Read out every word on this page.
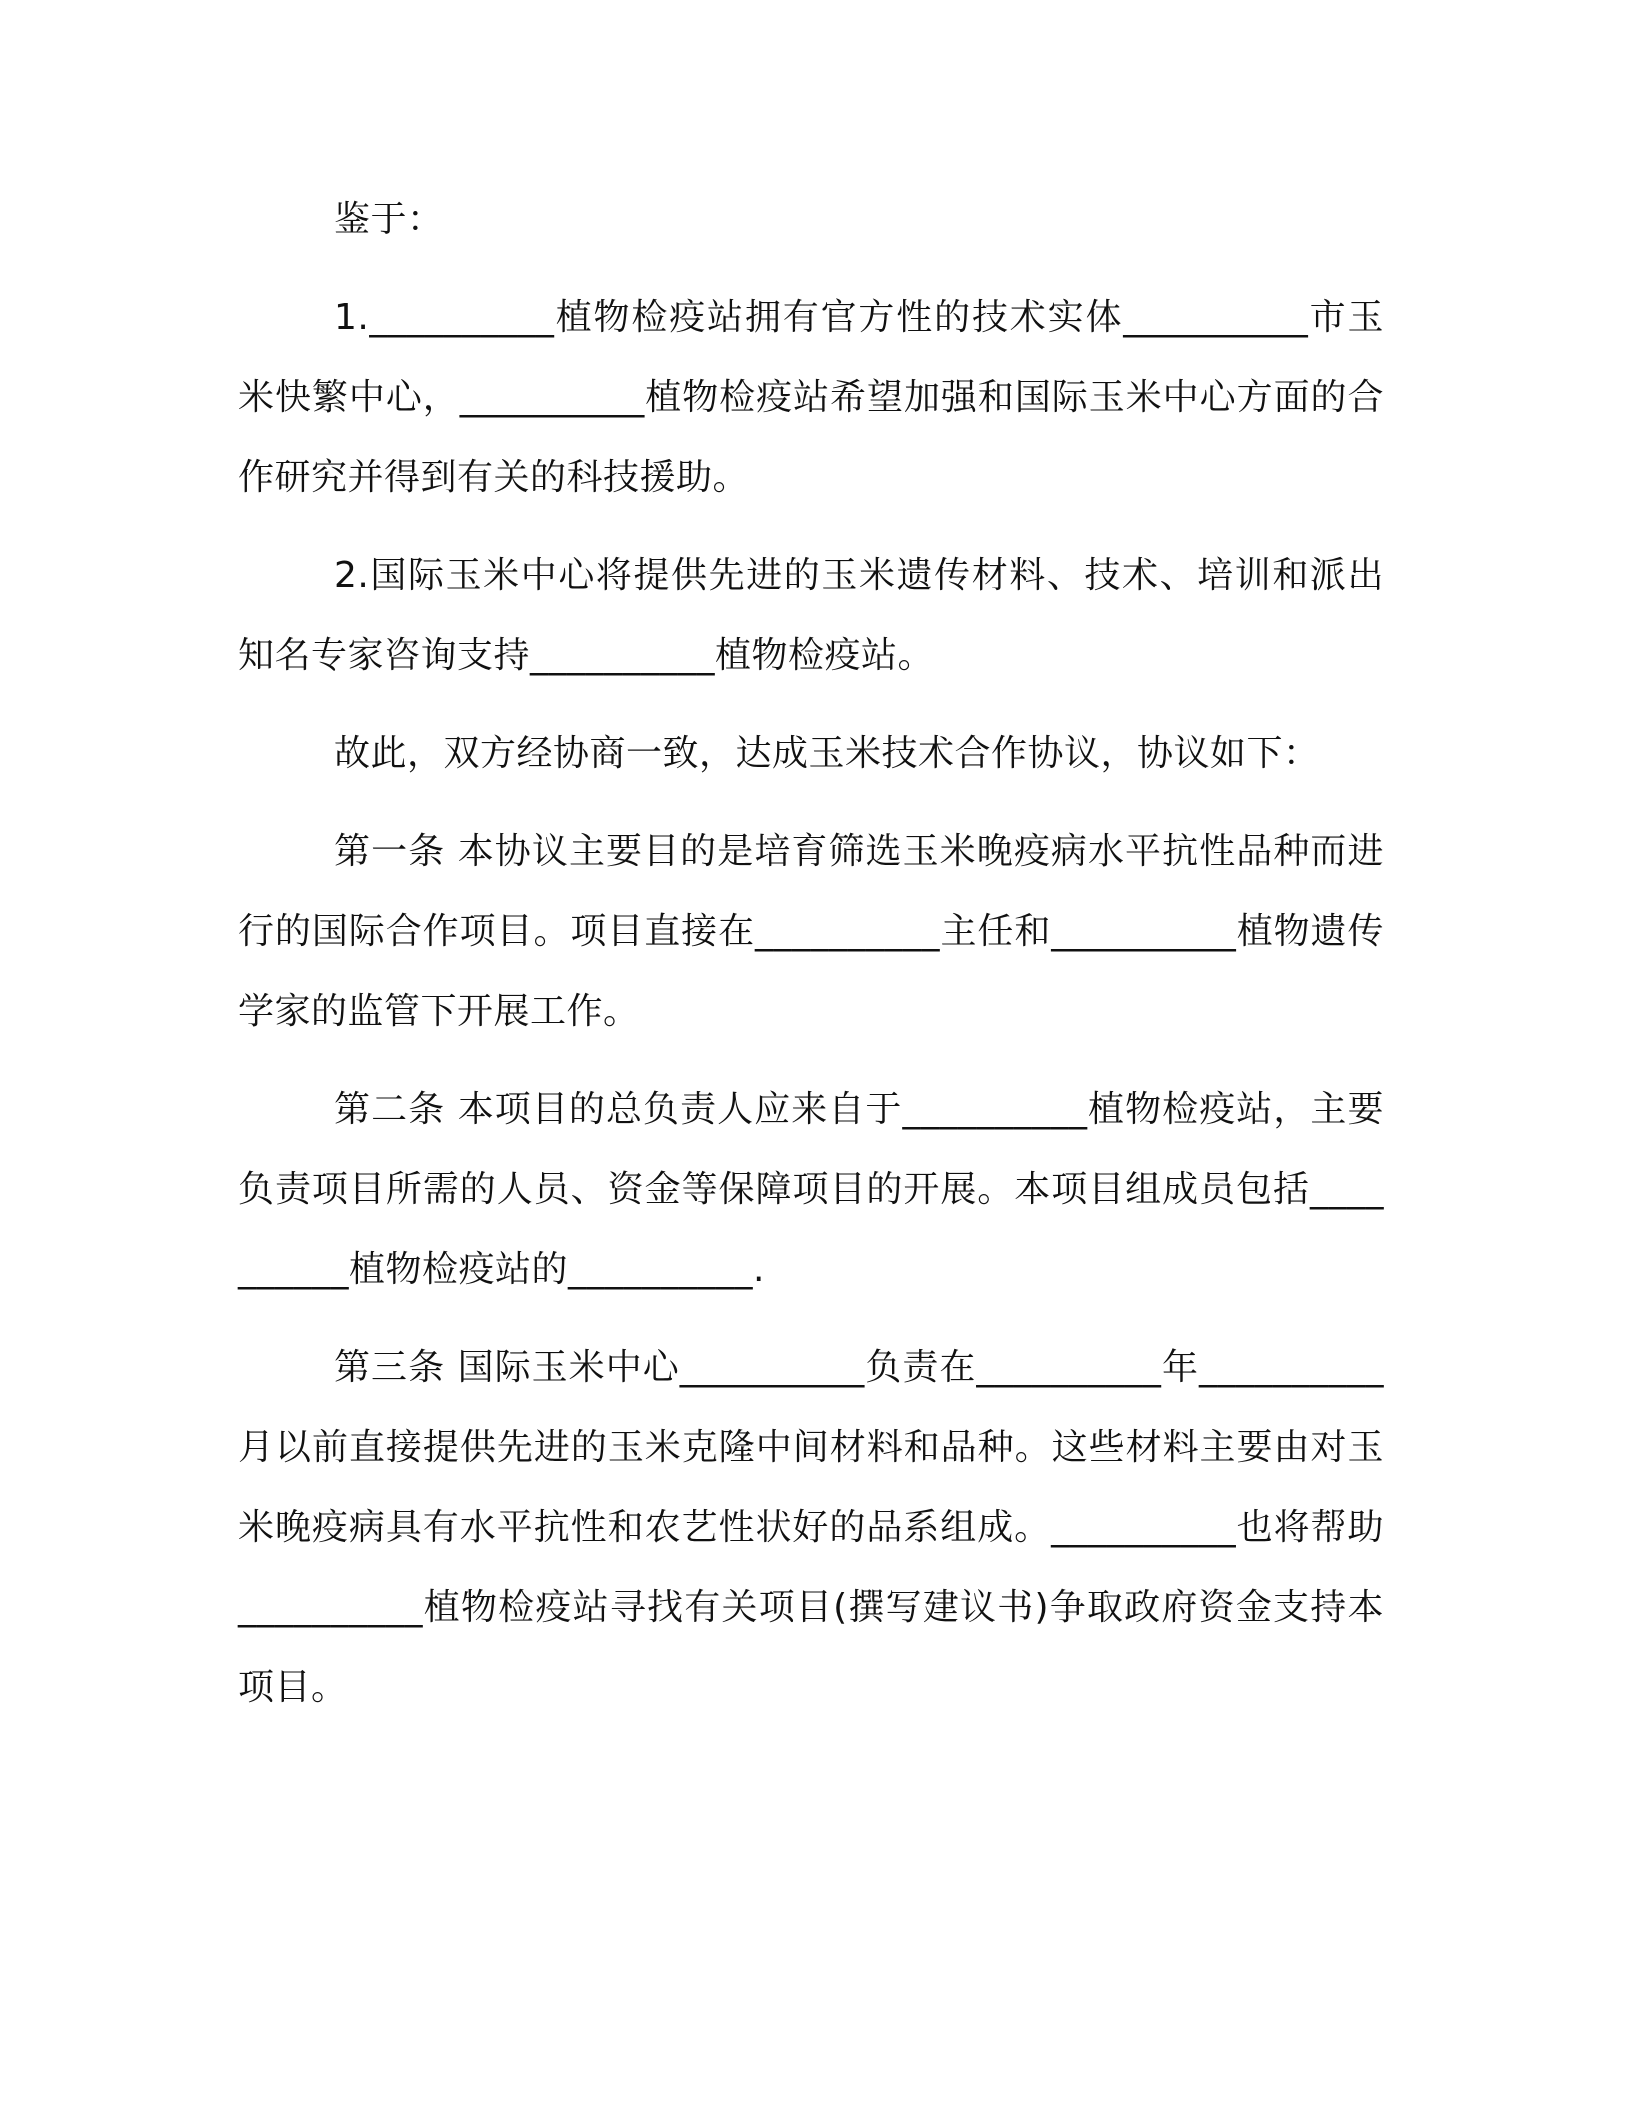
鉴于：

1.__________植物检疫站拥有官方性的技术实体__________市玉米快繁中心，__________植物检疫站希望加强和国际玉米中心方面的合作研究并得到有关的科技援助。

2.国际玉米中心将提供先进的玉米遗传材料、技术、培训和派出知名专家咨询支持__________植物检疫站。

故此，双方经协商一致，达成玉米技术合作协议，协议如下：

第一条 本协议主要目的是培育筛选玉米晚疫病水平抗性品种而进行的国际合作项目。项目直接在__________主任和__________植物遗传学家的监管下开展工作。

第二条 本项目的总负责人应来自于__________植物检疫站，主要负责项目所需的人员、资金等保障项目的开展。本项目组成员包括__________植物检疫站的__________.

第三条 国际玉米中心__________负责在__________年__________月以前直接提供先进的玉米克隆中间材料和品种。这些材料主要由对玉米晚疫病具有水平抗性和农艺性状好的品系组成。__________也将帮助__________植物检疫站寻找有关项目(撰写建议书)争取政府资金支持本项目。
